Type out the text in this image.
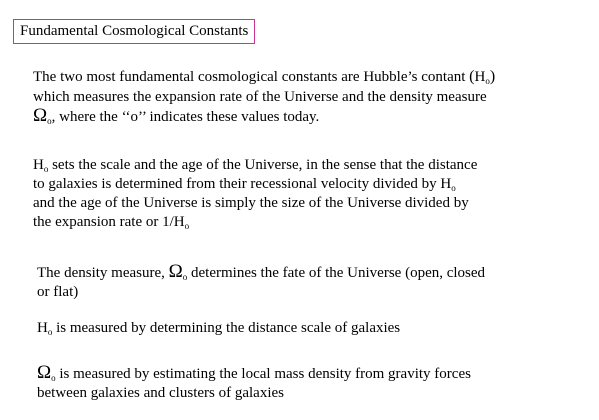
Fundamental Cosmological Constants

The two most fundamental cosmological constants are Hubble’s contant $(H_o)$
which measures the expansion rate of the Universe and the density measure
$\Omega_o$, where the ‘‘o’’ indicates these values today.

$H_o$ sets the scale and the age of the Universe, in the sense that the distance
to galaxies is determined from their recessional velocity divided by $H_o$
and the age of the Universe is simply the size of the Universe divided by
the expansion rate or $1/H_o$

The density measure, $\Omega_o$ determines the fate of the Universe (open, closed
or flat)

$H_o$ is measured by determining the distance scale of galaxies

$\Omega_o$ is measured by estimating the local mass density from gravity forces
between galaxies and clusters of galaxies
